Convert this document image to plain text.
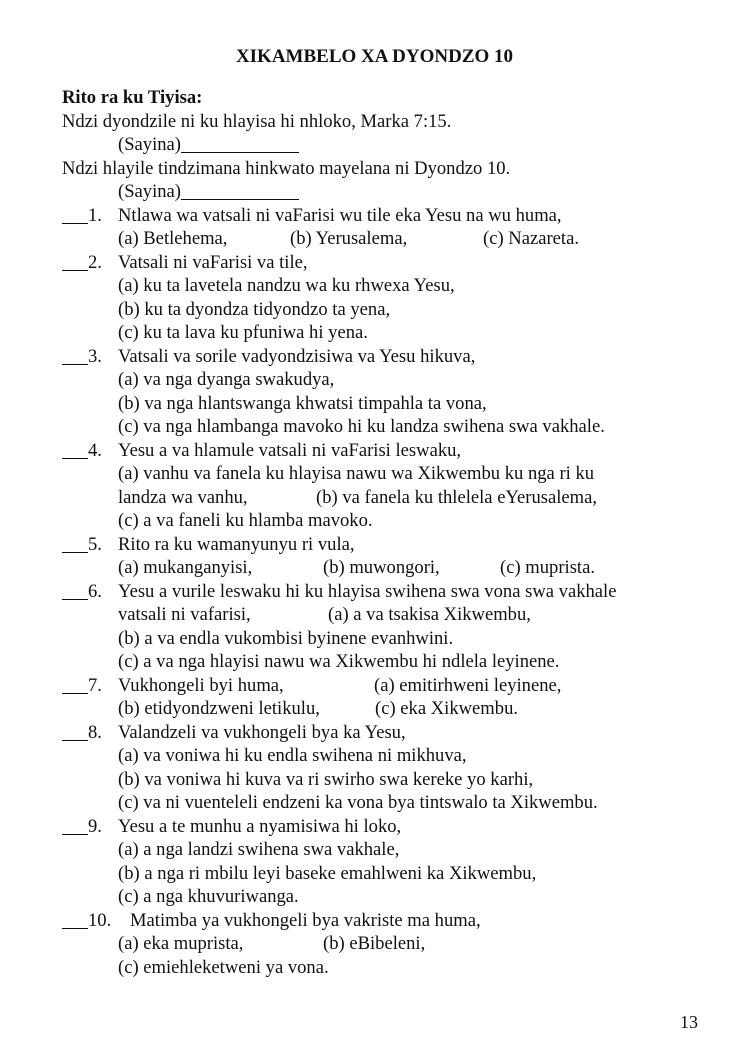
XIKAMBELO XA DYONDZO 10
Rito ra ku Tiyisa:
Ndzi dyondzile ni ku hlayisa hi nhloko, Marka 7:15.
(Sayina)
Ndzi hlayile tindzimana hinkwato mayelana ni Dyondzo 10.
(Sayina)
1. Ntlawa wa vatsali ni vaFarisi wu tile eka Yesu na wu huma,
(a) Betlehema,	(b) Yerusalema,	(c) Nazareta.
2. Vatsali ni vaFarisi va tile,
(a) ku ta lavetela nandzu wa ku rhwexa Yesu,
(b) ku ta dyondza tidyondzo ta yena,
(c) ku ta lava ku pfuniwa hi yena.
3. Vatsali va sorile vadyondzisiwa va Yesu hikuva,
(a) va nga dyanga swakudya,
(b) va nga hlantswanga khwatsi timpahla ta vona,
(c) va nga hlambanga mavoko hi ku landza swihena swa vakhale.
4. Yesu a va hlamule vatsali ni vaFarisi leswaku,
(a) vanhu va fanela ku hlayisa nawu wa Xikwembu ku nga ri ku
landza wa vanhu,	(b) va fanela ku thlelela eYerusalema,
(c) a va faneli ku hlamba mavoko.
5. Rito ra ku wamanyunyu ri vula,
(a) mukanganyisi,	(b) muwongori,	(c) muprista.
6. Yesu a vurile leswaku hi ku hlayisa swihena swa vona swa vakhale
vatsali ni vafarisi,	(a) a va tsakisa Xikwembu,
(b) a va endla vukombisi byinene evanhwini.
(c) a va nga hlayisi nawu wa Xikwembu hi ndlela leyinene.
7. Vukhongeli byi huma,	(a) emitirhweni leyinene,
(b) etidyondzweni letikulu,	(c) eka Xikwembu.
8. Valandzeli va vukhongeli bya ka Yesu,
(a) va voniwa hi ku endla swihena ni mikhuva,
(b) va voniwa hi kuva va ri swirho swa kereke yo karhi,
(c) va ni vuenteleli endzeni ka vona bya tintswalo ta Xikwembu.
9. Yesu a te munhu a nyamisiwa hi loko,
(a) a nga landzi swihena swa vakhale,
(b) a nga ri mbilu leyi baseke emahlweni ka Xikwembu,
(c) a nga khuvuriwanga.
10. Matimba ya vukhongeli bya vakriste ma huma,
(a) eka muprista,	(b) eBibeleni,
(c) emiehleketweni ya vona.
13
